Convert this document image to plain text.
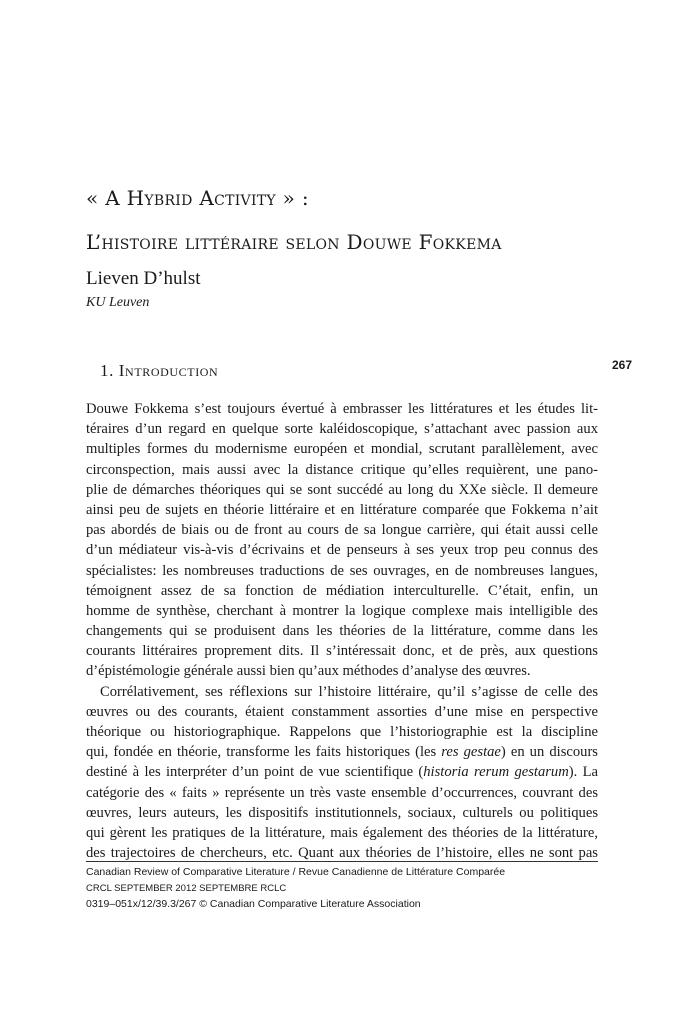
« A Hybrid Activity » :
L’histoire littéraire selon Douwe Fokkema
Lieven D’hulst
KU Leuven
1. Introduction	267
Douwe Fokkema s’est toujours évertué à embrasser les littératures et les études lit-
téraires d’un regard en quelque sorte kaléidoscopique, s’attachant avec passion aux
multiples formes du modernisme européen et mondial, scrutant parallèlement, avec
circonspection, mais aussi avec la distance critique qu’elles requièrent, une pano-
plie de démarches théoriques qui se sont succédé au long du XXe siècle. Il demeure
ainsi peu de sujets en théorie littéraire et en littérature comparée que Fokkema n’ait
pas abordés de biais ou de front au cours de sa longue carrière, qui était aussi celle
d’un médiateur vis-à-vis d’écrivains et de penseurs à ses yeux trop peu connus des
spécialistes: les nombreuses traductions de ses ouvrages, en de nombreuses langues,
témoignent assez de sa fonction de médiation interculturelle. C’était, enfin, un
homme de synthèse, cherchant à montrer la logique complexe mais intelligible des
changements qui se produisent dans les théories de la littérature, comme dans les
courants littéraires proprement dits. Il s’intéressait donc, et de près, aux questions
d’épistémologie générale aussi bien qu’aux méthodes d’analyse des œuvres.
Corrélativement, ses réflexions sur l’histoire littéraire, qu’il s’agisse de celle des
œuvres ou des courants, étaient constamment assorties d’une mise en perspective
théorique ou historiographique. Rappelons que l’historiographie est la discipline
qui, fondée en théorie, transforme les faits historiques (les res gestae) en un discours
destiné à les interpréter d’un point de vue scientifique (historia rerum gestarum). La
catégorie des « faits » représente un très vaste ensemble d’occurrences, couvrant des
œuvres, leurs auteurs, les dispositifs institutionnels, sociaux, culturels ou politiques
qui gèrent les pratiques de la littérature, mais également des théories de la littérature,
des trajectoires de chercheurs, etc. Quant aux théories de l’histoire, elles ne sont pas
Canadian Review of Comparative Literature / Revue Canadienne de Littérature Comparée
CRCL SEPTEMBER 2012 SEPTEMBRE RCLC
0319–051x/12/39.3/267 © Canadian Comparative Literature Association
